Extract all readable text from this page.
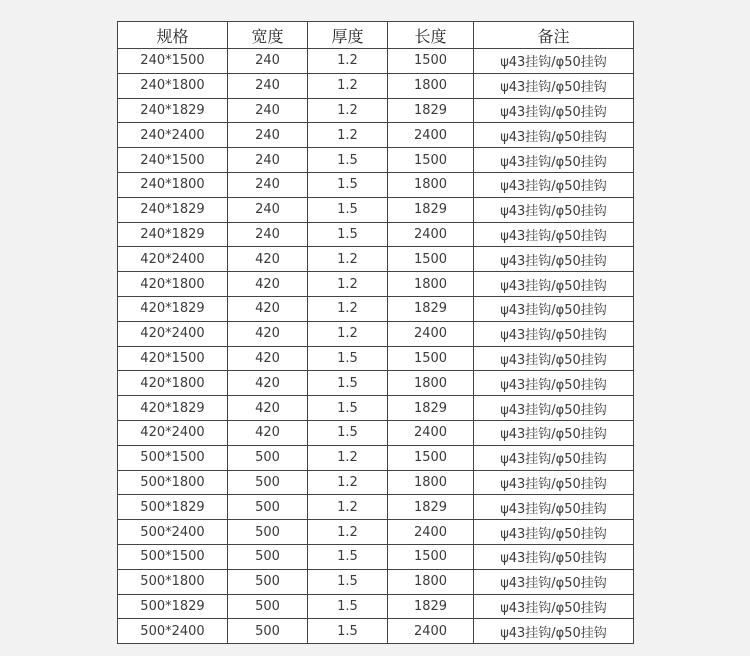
规格	宽度	厚度	长度	备注
240*1500	240	1.2	1500	ψ43挂钩/φ50挂钩
240*1800	240	1.2	1800	ψ43挂钩/φ50挂钩
240*1829	240	1.2	1829	ψ43挂钩/φ50挂钩
240*2400	240	1.2	2400	ψ43挂钩/φ50挂钩
240*1500	240	1.5	1500	ψ43挂钩/φ50挂钩
240*1800	240	1.5	1800	ψ43挂钩/φ50挂钩
240*1829	240	1.5	1829	ψ43挂钩/φ50挂钩
240*1829	240	1.5	2400	ψ43挂钩/φ50挂钩
420*2400	420	1.2	1500	ψ43挂钩/φ50挂钩
420*1800	420	1.2	1800	ψ43挂钩/φ50挂钩
420*1829	420	1.2	1829	ψ43挂钩/φ50挂钩
420*2400	420	1.2	2400	ψ43挂钩/φ50挂钩
420*1500	420	1.5	1500	ψ43挂钩/φ50挂钩
420*1800	420	1.5	1800	ψ43挂钩/φ50挂钩
420*1829	420	1.5	1829	ψ43挂钩/φ50挂钩
420*2400	420	1.5	2400	ψ43挂钩/φ50挂钩
500*1500	500	1.2	1500	ψ43挂钩/φ50挂钩
500*1800	500	1.2	1800	ψ43挂钩/φ50挂钩
500*1829	500	1.2	1829	ψ43挂钩/φ50挂钩
500*2400	500	1.2	2400	ψ43挂钩/φ50挂钩
500*1500	500	1.5	1500	ψ43挂钩/φ50挂钩
500*1800	500	1.5	1800	ψ43挂钩/φ50挂钩
500*1829	500	1.5	1829	ψ43挂钩/φ50挂钩
500*2400	500	1.5	2400	ψ43挂钩/φ50挂钩
